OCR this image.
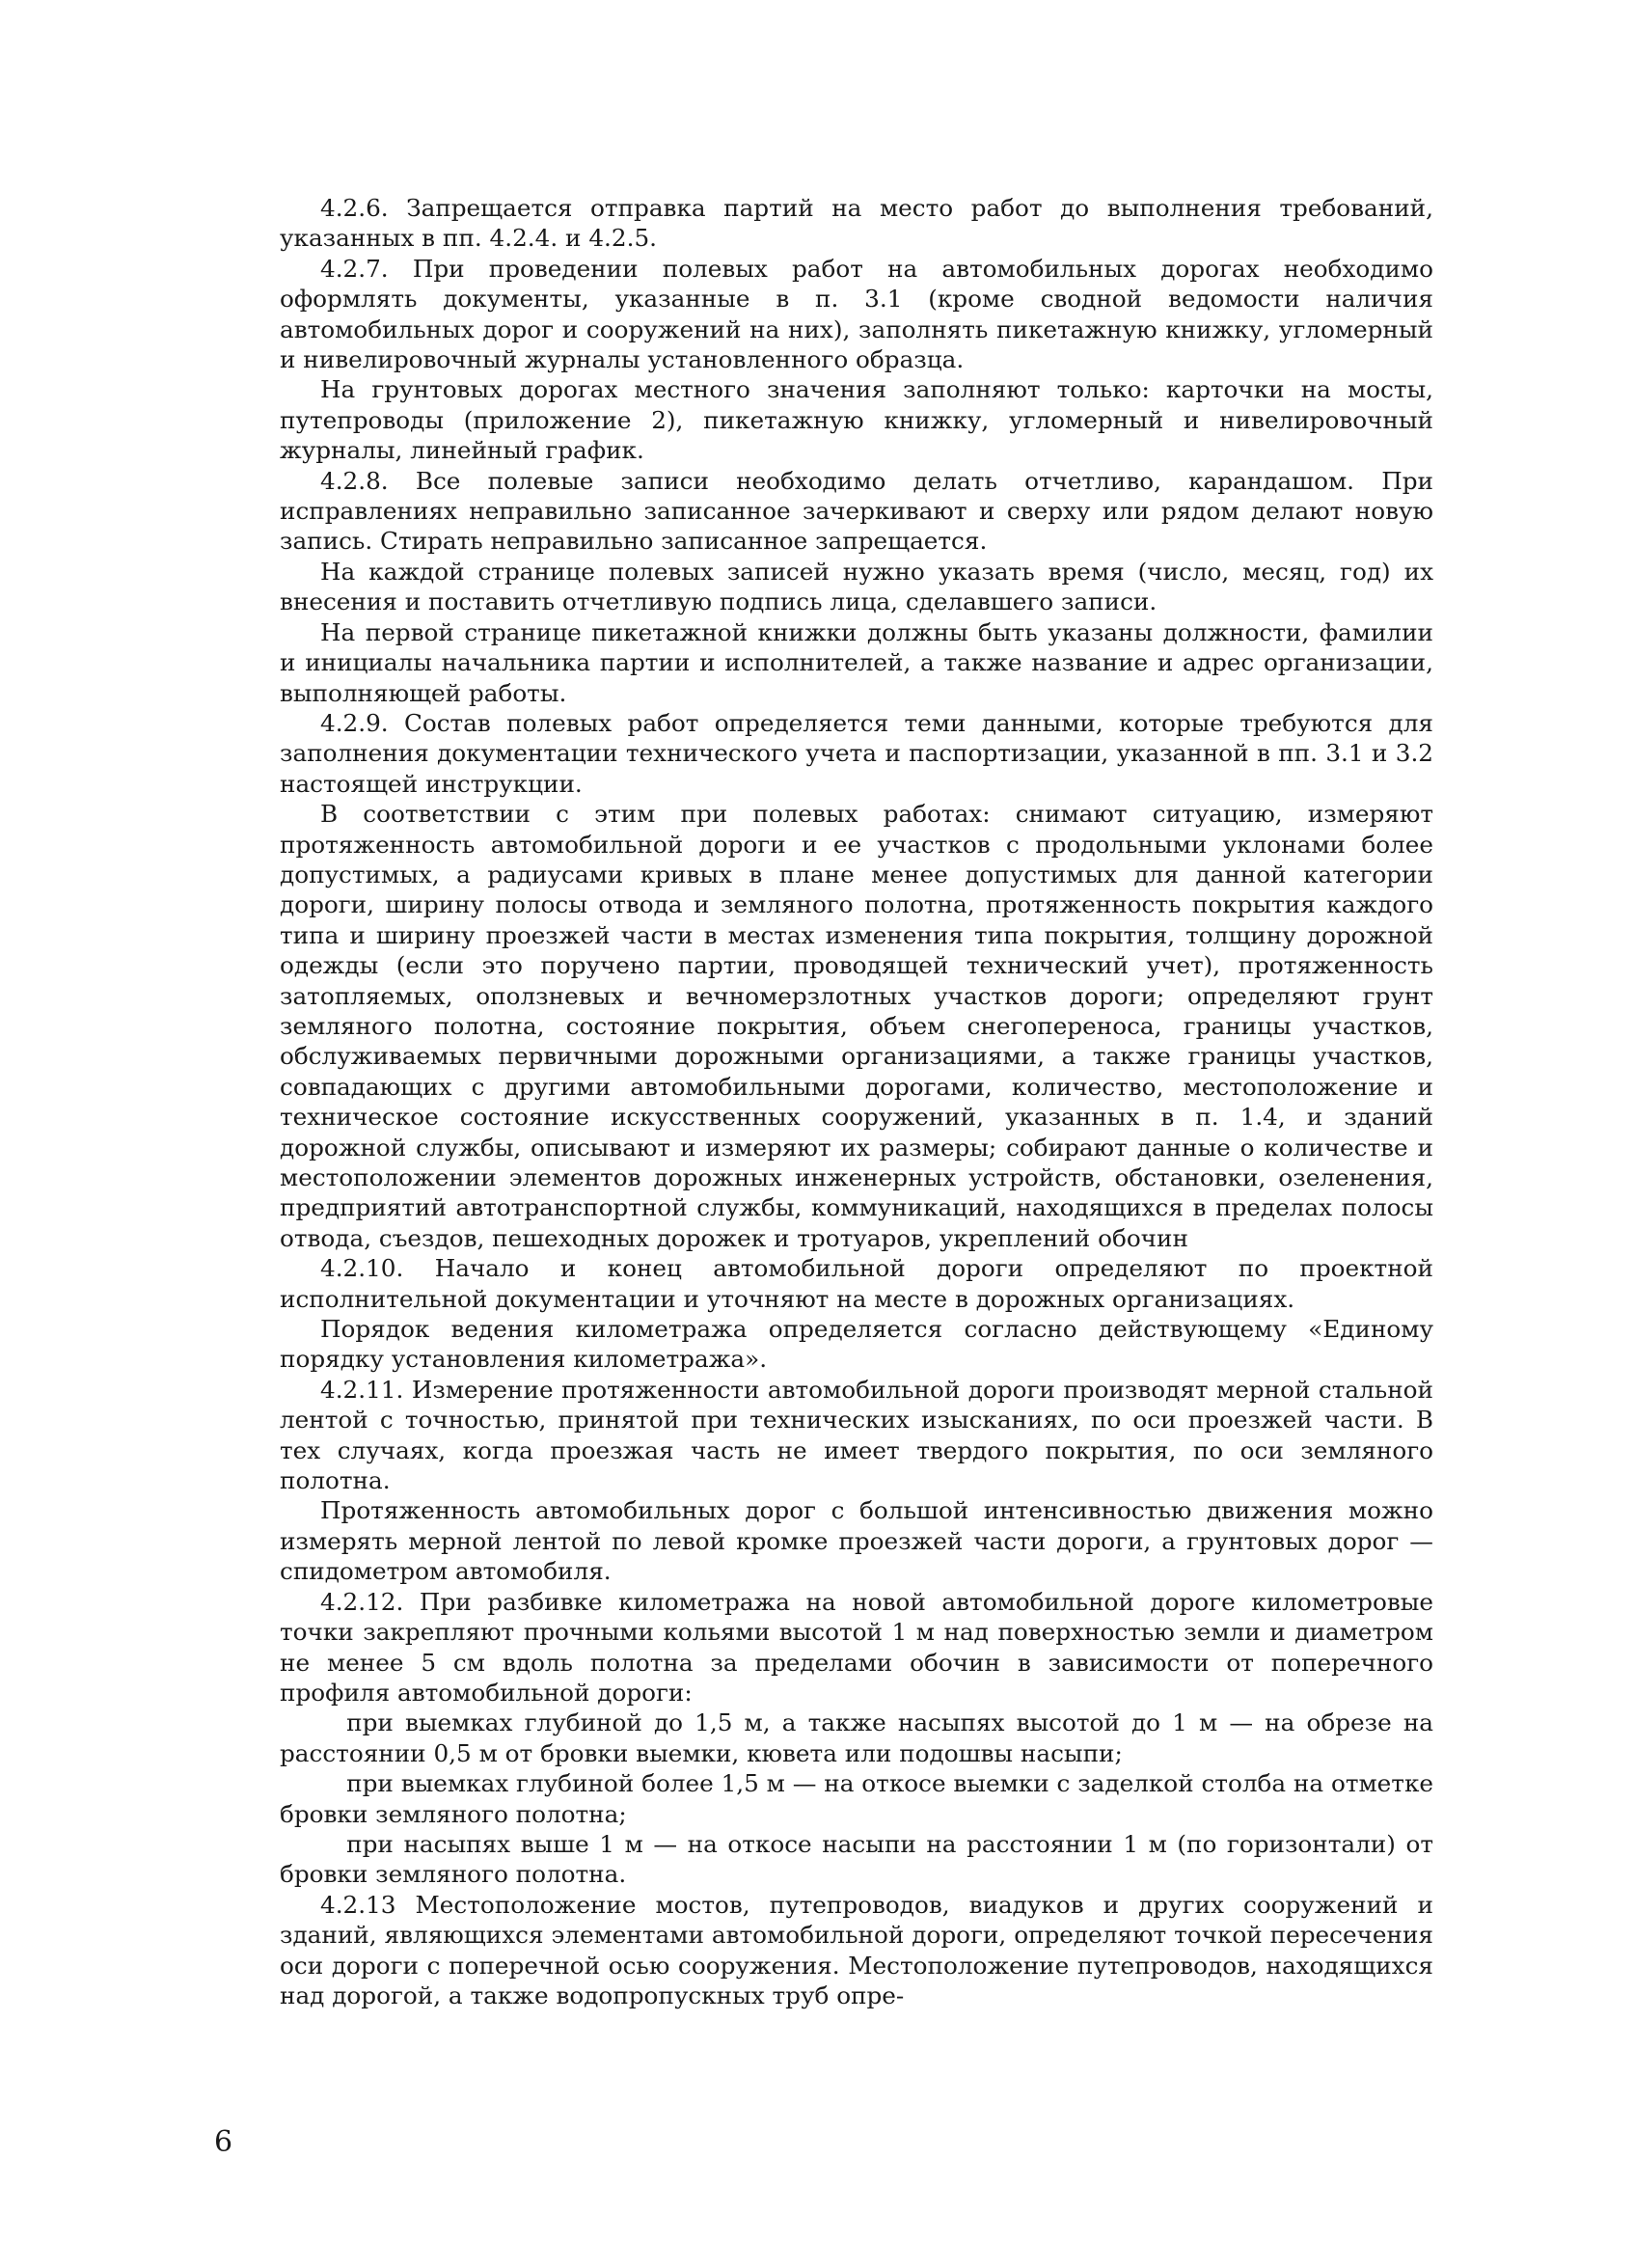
4.2.6. Запрещается отправка партий на место работ до выполнения требований, указанных в пп. 4.2.4. и 4.2.5.

4.2.7. При проведении полевых работ на автомобильных дорогах необходимо оформлять документы, указанные в п. 3.1 (кроме сводной ведомости наличия автомобильных дорог и сооружений на них), заполнять пикетажную книжку, угломерный и нивелировочный журналы установленного образца.

На грунтовых дорогах местного значения заполняют только: карточки на мосты, путепроводы (приложение 2), пикетажную книжку, угломерный и нивелировочный журналы, линейный график.

4.2.8. Все полевые записи необходимо делать отчетливо, карандашом. При исправлениях неправильно записанное зачеркивают и сверху или рядом делают новую запись. Стирать неправильно записанное запрещается.

На каждой странице полевых записей нужно указать время (число, месяц, год) их внесения и поставить отчетливую подпись лица, сделавшего записи.

На первой странице пикетажной книжки должны быть указаны должности, фамилии и инициалы начальника партии и исполнителей, а также название и адрес организации, выполняющей работы.

4.2.9. Состав полевых работ определяется теми данными, которые требуются для заполнения документации технического учета и паспортизации, указанной в пп. 3.1 и 3.2 настоящей инструкции.

В соответствии с этим при полевых работах: снимают ситуацию, измеряют протяженность автомобильной дороги и ее участков с продольными уклонами более допустимых, а радиусами кривых в плане менее допустимых для данной категории дороги, ширину полосы отвода и земляного полотна, протяженность покрытия каждого типа и ширину проезжей части в местах изменения типа покрытия, толщину дорожной одежды (если это поручено партии, проводящей технический учет), протяженность затопляемых, оползневых и вечномерзлотных участков дороги; определяют грунт земляного полотна, состояние покрытия, объем снегопереноса, границы участков, обслуживаемых первичными дорожными организациями, а также границы участков, совпадающих с другими автомобильными дорогами, количество, местоположение и техническое состояние искусственных сооружений, указанных в п. 1.4, и зданий дорожной службы, описывают и измеряют их размеры; собирают данные о количестве и местоположении элементов дорожных инженерных устройств, обстановки, озеленения, предприятий автотранспортной службы, коммуникаций, находящихся в пределах полосы отвода, съездов, пешеходных дорожек и тротуаров, укреплений обочин

4.2.10. Начало и конец автомобильной дороги определяют по проектной исполнительной документации и уточняют на месте в дорожных организациях.

Порядок ведения километража определяется согласно действующему «Единому порядку установления километража».

4.2.11. Измерение протяженности автомобильной дороги производят мерной стальной лентой с точностью, принятой при технических изысканиях, по оси проезжей части. В тех случаях, когда проезжая часть не имеет твердого покрытия, по оси земляного полотна.

Протяженность автомобильных дорог с большой интенсивностью движения можно измерять мерной лентой по левой кромке проезжей части дороги, а грунтовых дорог — спидометром автомобиля.

4.2.12. При разбивке километража на новой автомобильной дороге километровые точки закрепляют прочными кольями высотой 1 м над поверхностью земли и диаметром не менее 5 см вдоль полотна за пределами обочин в зависимости от поперечного профиля автомобильной дороги:

при выемках глубиной до 1,5 м, а также насыпях высотой до 1 м — на обрезе на расстоянии 0,5 м от бровки выемки, кювета или подошвы насыпи;

при выемках глубиной более 1,5 м — на откосе выемки с заделкой столба на отметке бровки земляного полотна;

при насыпях выше 1 м — на откосе насыпи на расстоянии 1 м (по горизонтали) от бровки земляного полотна.

4.2.13 Местоположение мостов, путепроводов, виадуков и других сооружений и зданий, являющихся элементами автомобильной дороги, определяют точкой пересечения оси дороги с поперечной осью сооружения. Местоположение путепроводов, находящихся над дорогой, а также водопропускных труб опре-

6
